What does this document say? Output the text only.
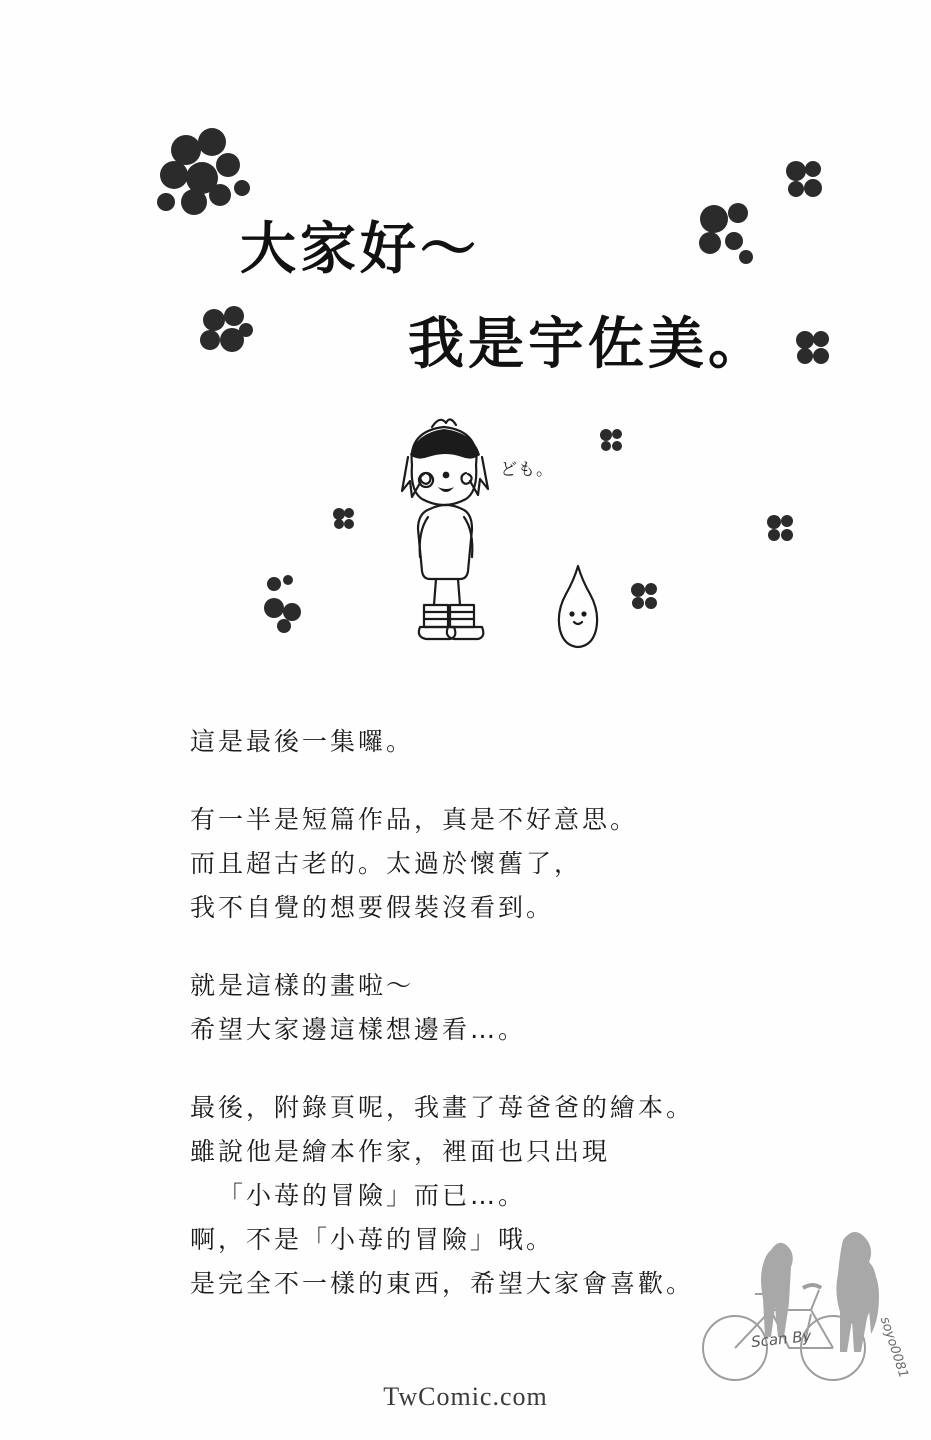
大家好～
我是宇佐美。
ども。
這是最後一集囉。
有一半是短篇作品，真是不好意思。
而且超古老的。太過於懷舊了，
我不自覺的想要假裝沒看到。
就是這樣的畫啦～
希望大家邊這樣想邊看…。
最後，附錄頁呢，我畫了苺爸爸的繪本。
雖說他是繪本作家，裡面也只出現
「小苺的冒險」而已…。
啊，不是「小苺的冒險」哦。
是完全不一樣的東西，希望大家會喜歡。
Scan By	soyo0081
TwComic.com
